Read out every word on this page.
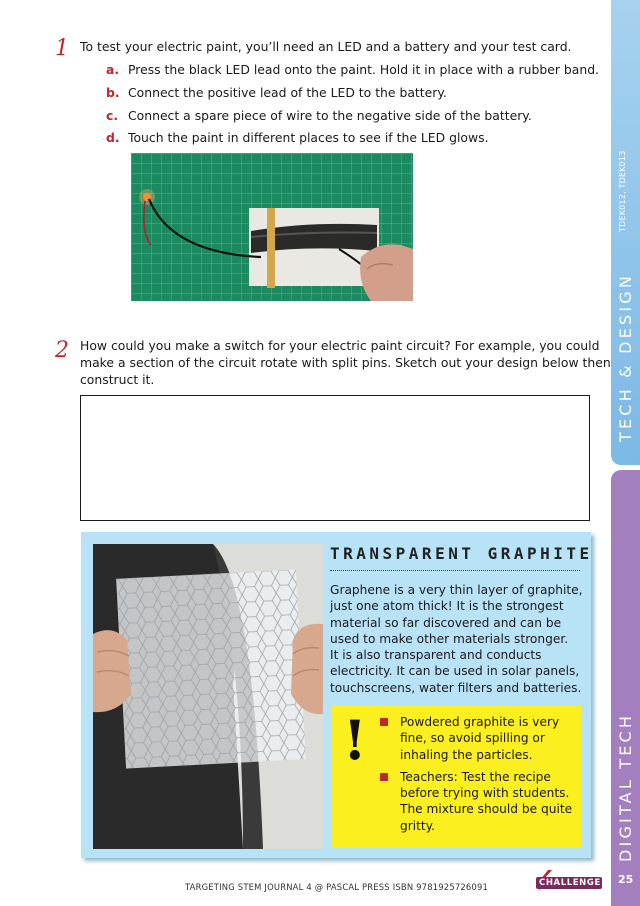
1 To test your electric paint, you’ll need an LED and a battery and your test card.
a. Press the black LED lead onto the paint. Hold it in place with a rubber band.
b. Connect the positive lead of the LED to the battery.
c. Connect a spare piece of wire to the negative side of the battery.
d. Touch the paint in different places to see if the LED glows.
2 How could you make a switch for your electric paint circuit? For example, you could
make a section of the circuit rotate with split pins. Sketch out your design below then
construct it.
TRANSPARENT GRAPHITE
Graphene is a very thin layer of graphite,
just one atom thick! It is the strongest
material so far discovered and can be
used to make other materials stronger.
It is also transparent and conducts
electricity. It can be used in solar panels,
touchscreens, water filters and batteries.
!	Powdered graphite is very
fine, so avoid spilling or
inhaling the particles.
Teachers: Test the recipe
before trying with students.
The mixture should be quite
gritty.
TECH & DESIGN
TDEK012, TDEK013
DIGITAL TECH
TARGETING STEM JOURNAL 4 @ PASCAL PRESS ISBN 9781925726091	CHALLENGE 25
